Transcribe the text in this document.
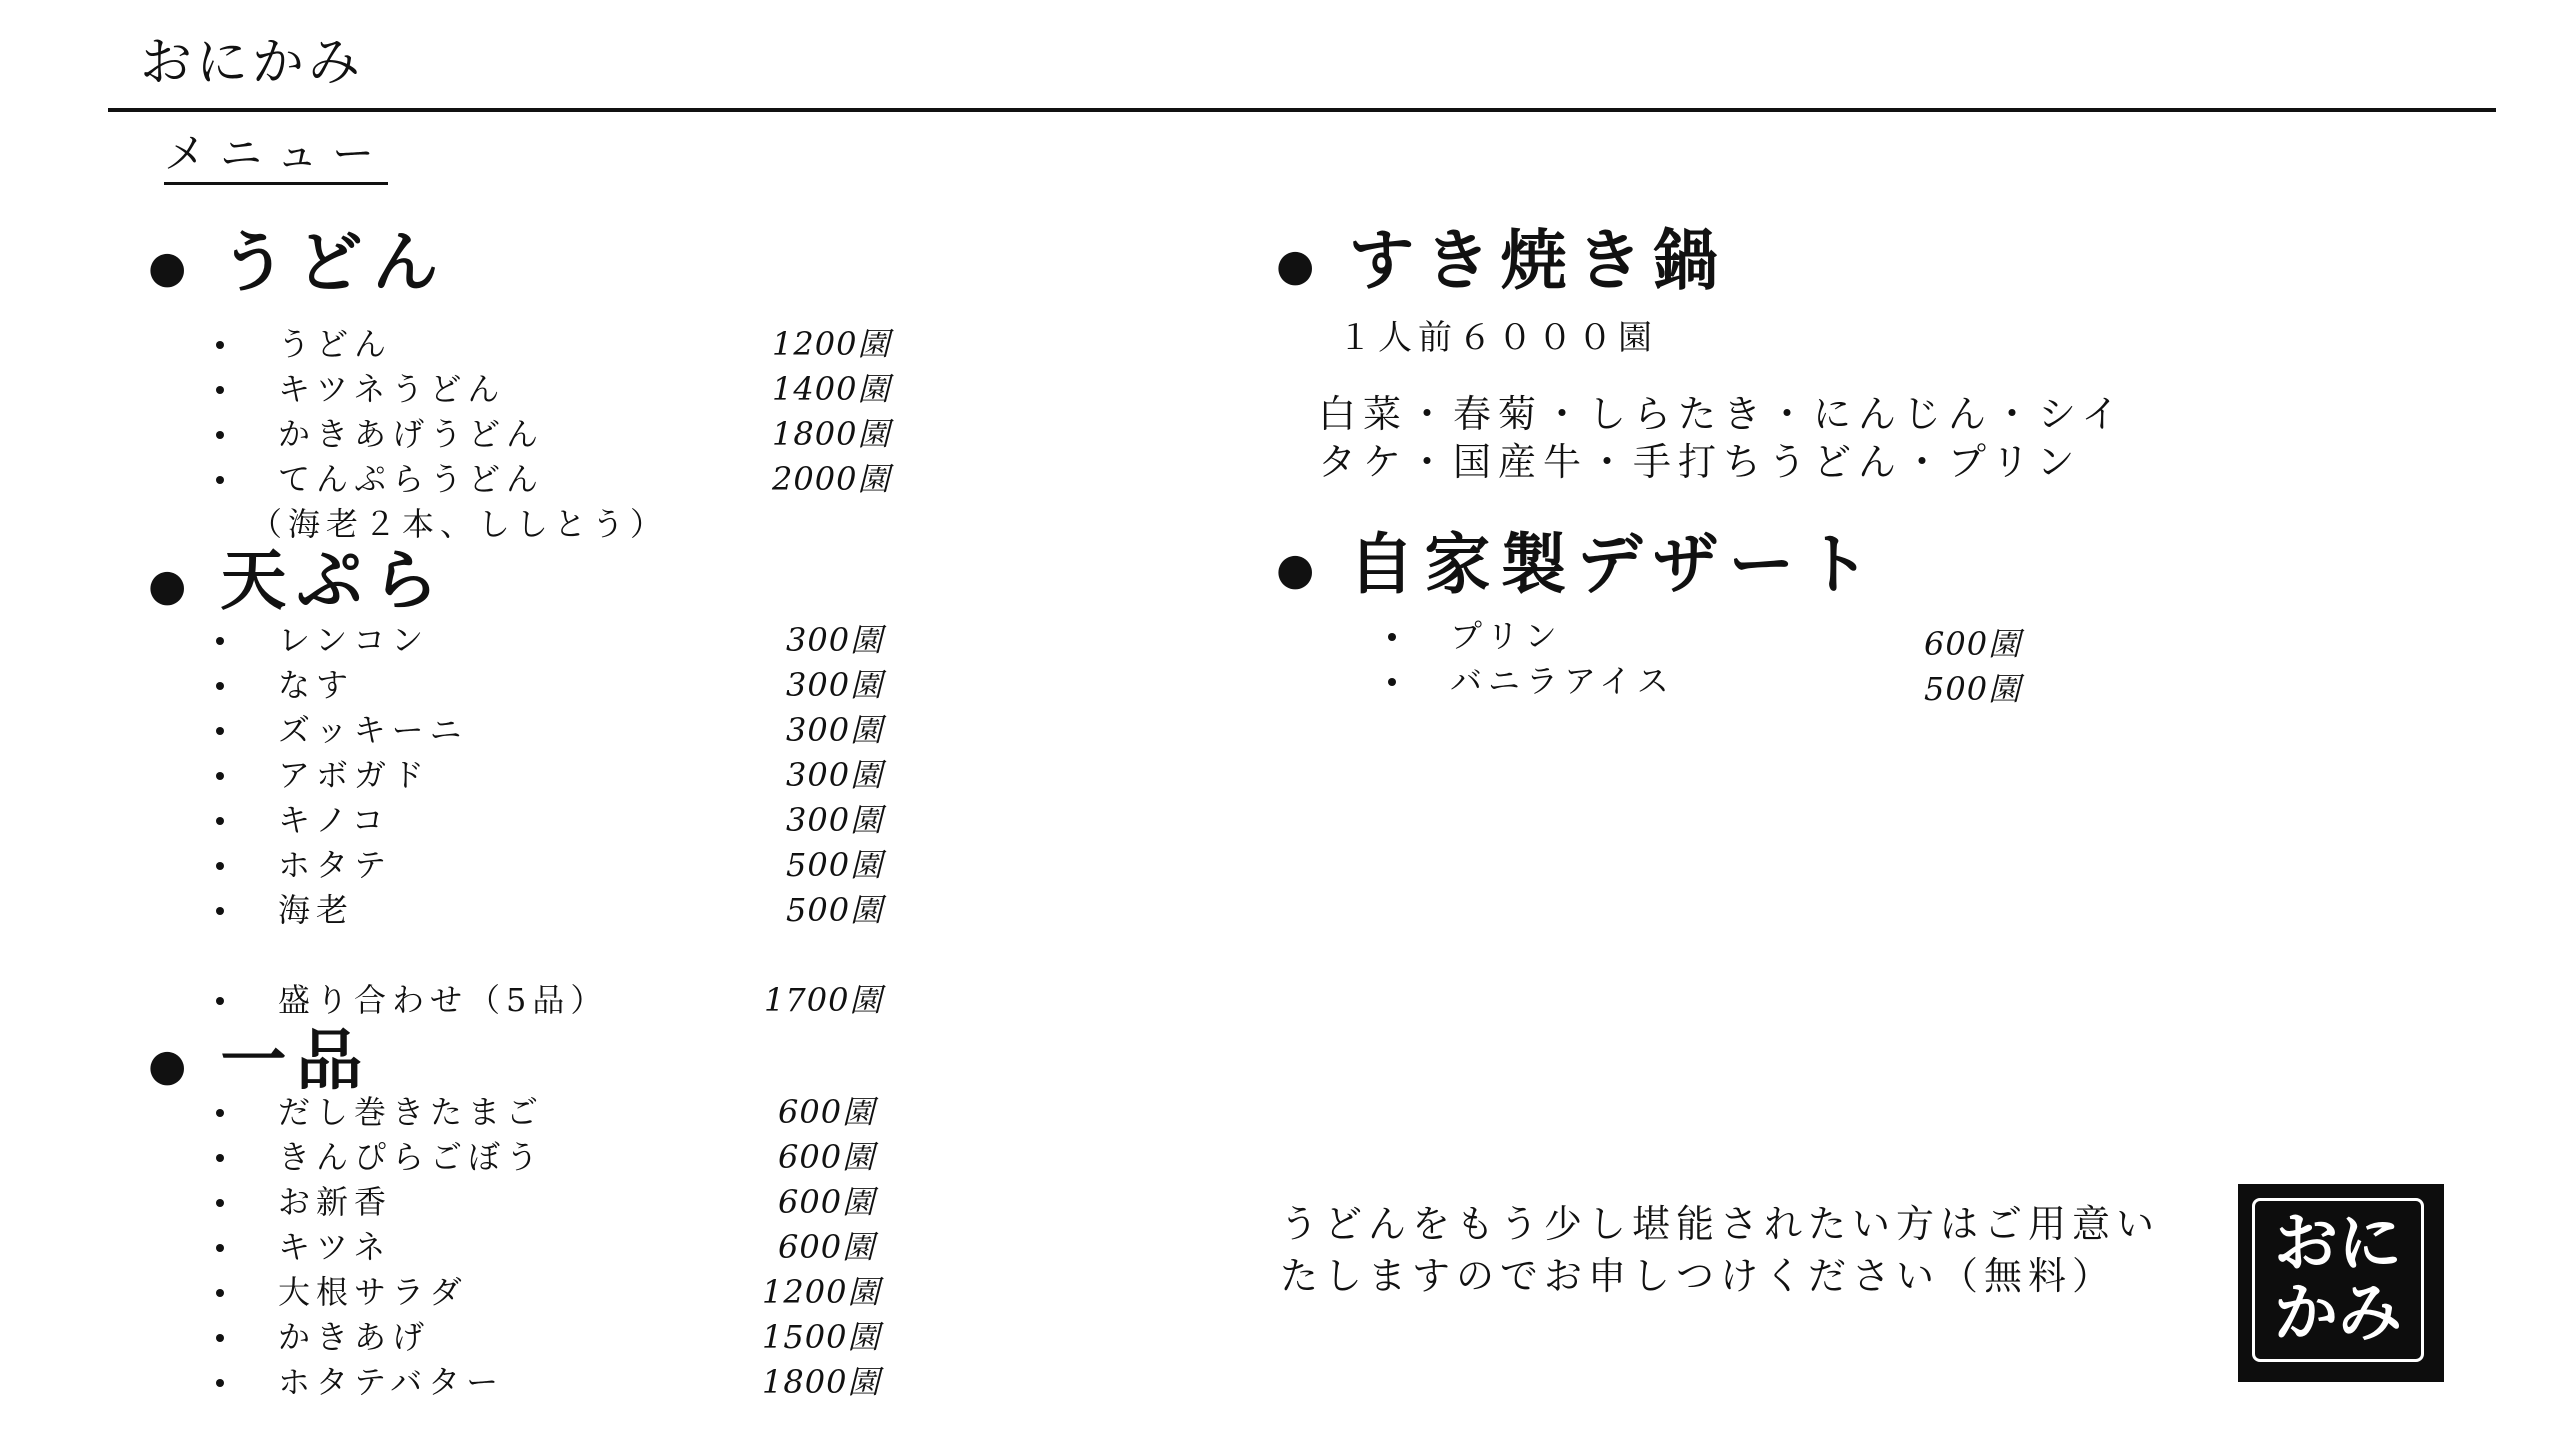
おにかみ
メニュー
● うどん
うどん	1200園
キツネうどん	1400園
かきあげうどん	1800園
てんぷらうどん	2000園
（海老２本、ししとう）
● 天ぷら
レンコン	300園
なす	300園
ズッキーニ	300園
アボガド	300園
キノコ	300園
ホタテ	500園
海老	500園
盛り合わせ（5品）	1700園
● 一品
だし巻きたまご	600園
きんぴらごぼう	600園
お新香	600園
キツネ	600園
大根サラダ	1200園
かきあげ	1500園
ホタテバター	1800園
● すき焼き鍋
１人前６０００園
白菜・春菊・しらたき・にんじん・シイ
タケ・国産牛・手打ちうどん・プリン
● 自家製デザート
プリン	600園
バニラアイス	500園
うどんをもう少し堪能されたい方はご用意い
たしますのでお申しつけください（無料）	おに
かみ
